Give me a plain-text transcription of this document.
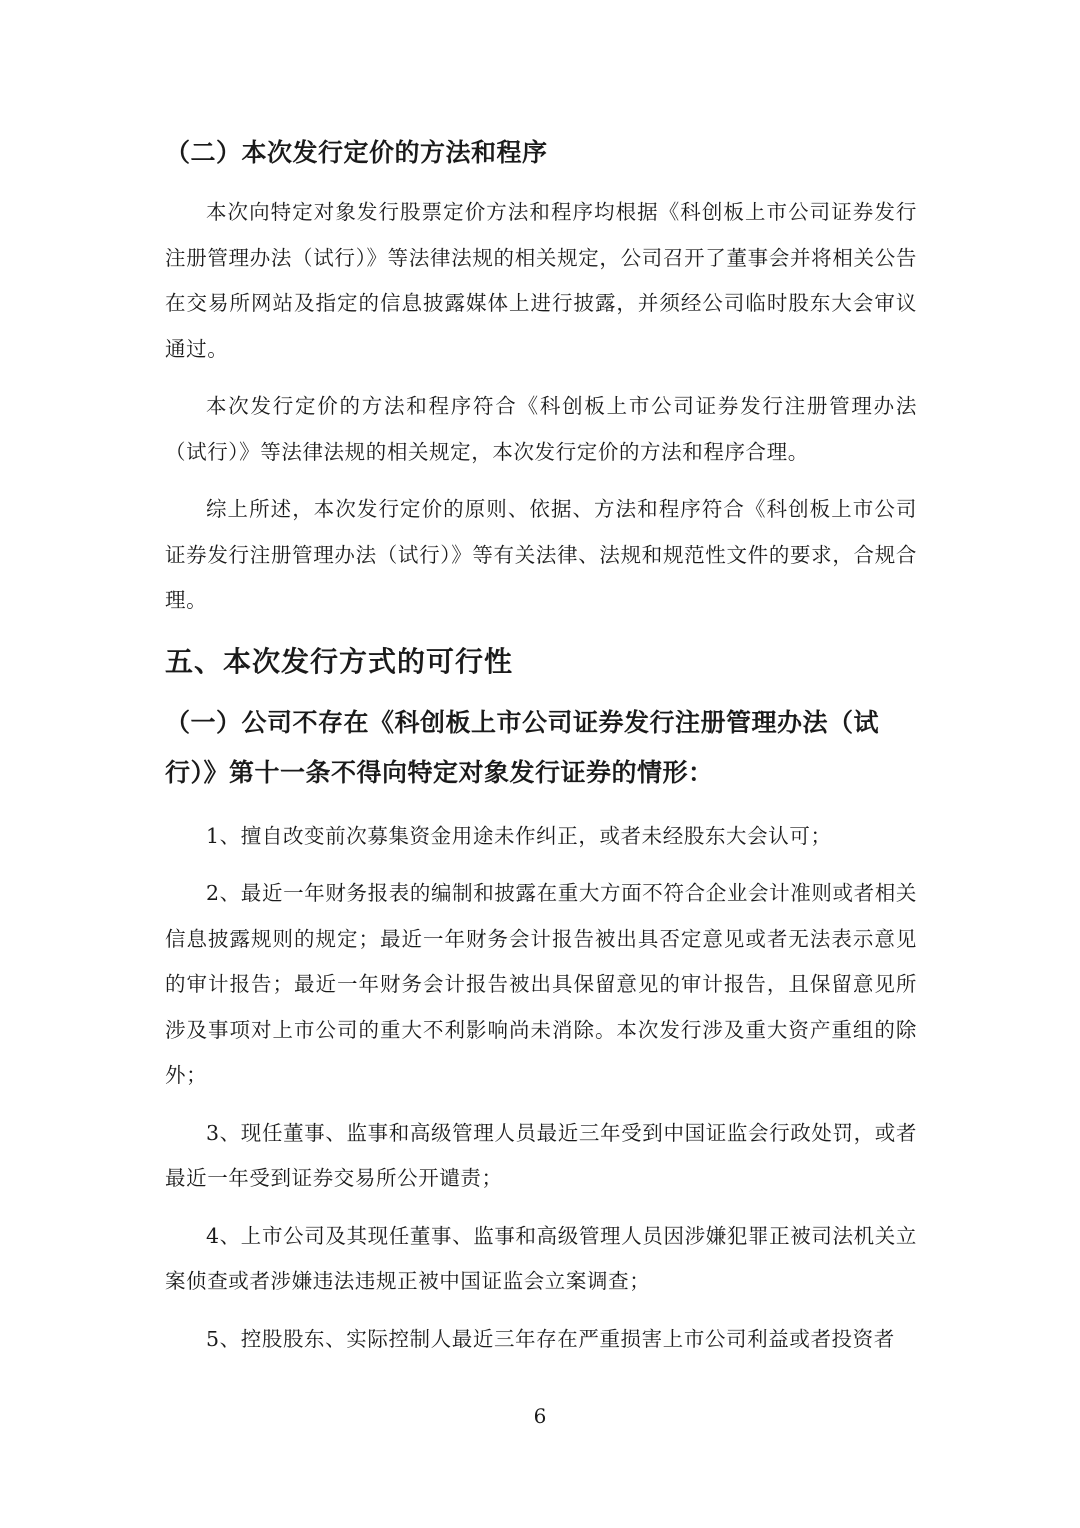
（二）本次发行定价的方法和程序

本次向特定对象发行股票定价方法和程序均根据《科创板上市公司证券发行注册管理办法（试行）》等法律法规的相关规定，公司召开了董事会并将相关公告在交易所网站及指定的信息披露媒体上进行披露，并须经公司临时股东大会审议通过。

本次发行定价的方法和程序符合《科创板上市公司证券发行注册管理办法（试行）》等法律法规的相关规定，本次发行定价的方法和程序合理。

综上所述，本次发行定价的原则、依据、方法和程序符合《科创板上市公司证券发行注册管理办法（试行）》等有关法律、法规和规范性文件的要求，合规合理。

五、本次发行方式的可行性

（一）公司不存在《科创板上市公司证券发行注册管理办法（试行）》第十一条不得向特定对象发行证券的情形：

1、擅自改变前次募集资金用途未作纠正，或者未经股东大会认可；

2、最近一年财务报表的编制和披露在重大方面不符合企业会计准则或者相关信息披露规则的规定；最近一年财务会计报告被出具否定意见或者无法表示意见的审计报告；最近一年财务会计报告被出具保留意见的审计报告，且保留意见所涉及事项对上市公司的重大不利影响尚未消除。本次发行涉及重大资产重组的除外；

3、现任董事、监事和高级管理人员最近三年受到中国证监会行政处罚，或者最近一年受到证券交易所公开谴责；

4、上市公司及其现任董事、监事和高级管理人员因涉嫌犯罪正被司法机关立案侦查或者涉嫌违法违规正被中国证监会立案调查；

5、控股股东、实际控制人最近三年存在严重损害上市公司利益或者投资者

6
